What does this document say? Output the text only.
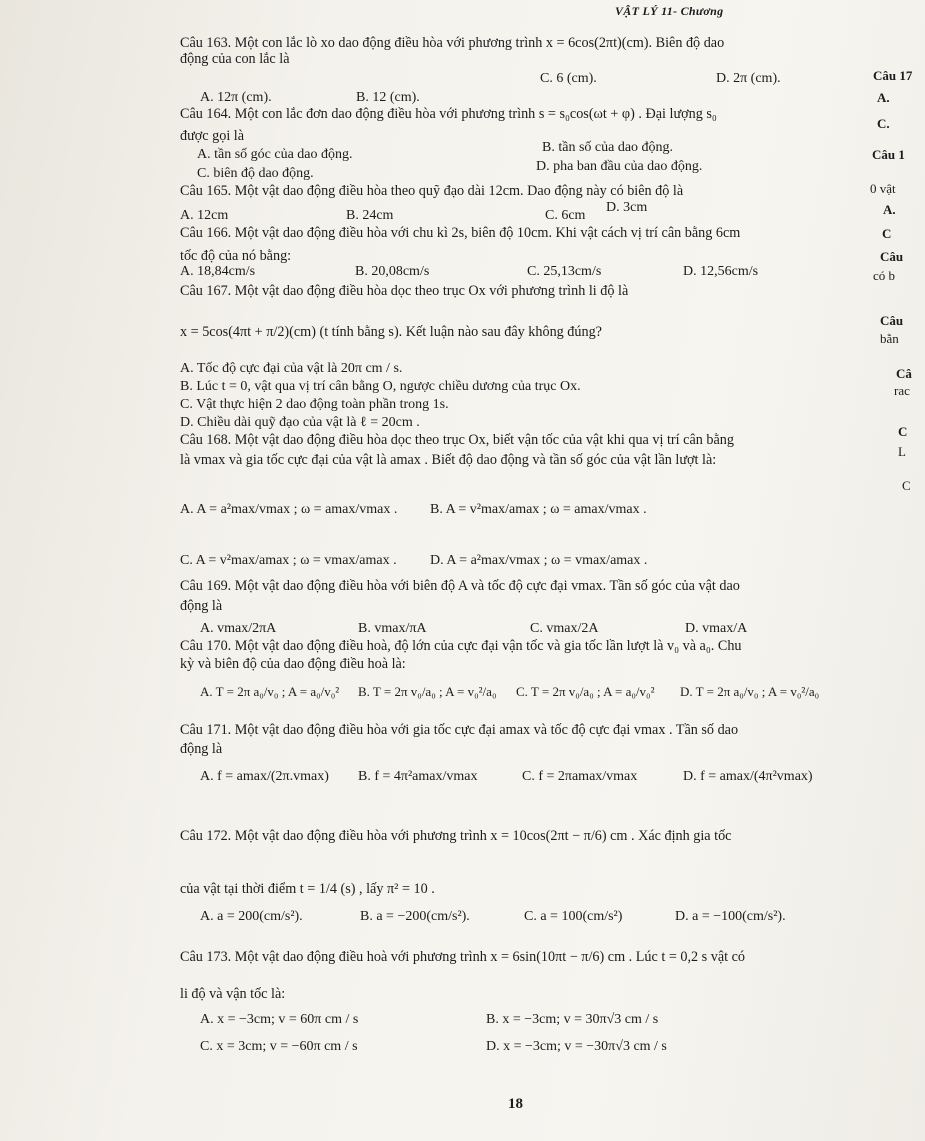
VẬT LÝ 11- Chương
Câu 163. Một con lắc lò xo dao động điều hòa với phương trình x = 6cos(2πt)(cm). Biên độ dao
động của con lắc là
C. 6 (cm).	D. 2π (cm).
A. 12π (cm).	B. 12 (cm).
Câu 164. Một con lắc đơn dao động điều hòa với phương trình s = s₀cos(ωt + φ) . Đại lượng s₀
được gọi là
B. tần số của dao động.
A. tần số góc của dao động.
D. pha ban đầu của dao động.
C. biên độ dao động.
Câu 165. Một vật dao động điều hòa theo quỹ đạo dài 12cm. Dao động này có biên độ là
D. 3cm
A. 12cm	B. 24cm	C. 6cm
Câu 166. Một vật dao động điều hòa với chu kì 2s, biên độ 10cm. Khi vật cách vị trí cân bằng 6cm
tốc độ của nó bằng:
A. 18,84cm/s	B. 20,08cm/s	C. 25,13cm/s	D. 12,56cm/s
Câu 167. Một vật dao động điều hòa dọc theo trục Ox với phương trình li độ là
x = 5cos(4πt + π/2)(cm) (t tính bằng s). Kết luận nào sau đây không đúng?
A. Tốc độ cực đại của vật là 20π cm / s.
B. Lúc t = 0, vật qua vị trí cân bằng O, ngược chiều dương của trục Ox.
C. Vật thực hiện 2 dao động toàn phần trong 1s.
D. Chiều dài quỹ đạo của vật là ℓ = 20cm .
Câu 168. Một vật dao động điều hòa dọc theo trục Ox, biết vận tốc của vật khi qua vị trí cân bằng
là vmax và gia tốc cực đại của vật là amax . Biết độ dao động và tần số góc của vật lần lượt là:
A. A = a²max/vmax ; ω = amax/vmax . B. A = v²max/amax ; ω = amax/vmax .
C. A = v²max/amax ; ω = vmax/amax . D. A = a²max/vmax ; ω = vmax/amax .
Câu 169. Một vật dao động điều hòa với biên độ A và tốc độ cực đại vmax. Tần số góc của vật dao
động là
A. vmax/2πA	B. vmax/πA	C. vmax/2A	D. vmax/A
Câu 170. Một vật dao động điều hoà, độ lớn của cực đại vận tốc và gia tốc lần lượt là v₀ và a₀. Chu
kỳ và biên độ của dao động điều hoà là:
A. T = 2π a₀/v₀ ; A = a₀/v₀² B. T = 2π v₀/a₀ ; A = v₀²/a₀ C. T = 2π v₀/a₀ ; A = a₀/v₀² D. T = 2π a₀/v₀ ; A = v₀²/a₀
Câu 171. Một vật dao động điều hòa với gia tốc cực đại amax và tốc độ cực đại vmax . Tần số dao
động là
A. f = amax/(2π.vmax) B. f = 4π²amax/vmax	C. f = 2πamax/vmax	D. f = amax/(4π²vmax)
Câu 172. Một vật dao động điều hòa với phương trình x = 10cos(2πt − π/6) cm . Xác định gia tốc
của vật tại thời điểm t = 1/4 (s) , lấy π² = 10 .
A. a = 200(cm/s²).	B. a = −200(cm/s²).	C. a = 100(cm/s²)	D. a = −100(cm/s²).
Câu 173. Một vật dao động điều hoà với phương trình x = 6sin(10πt − π/6) cm . Lúc t = 0,2 s vật có
li độ và vận tốc là:
A. x = −3cm; v = 60π cm / s	B. x = −3cm; v = 30π√3 cm / s
C. x = 3cm; v = −60π cm / s	D. x = −3cm; v = −30π√3 cm / s
Câu 17
A.
C.
Câu 1
0 vật
A.
C
Câu
có b
Câu
bằn
Câ
rac
C
L
C
18
